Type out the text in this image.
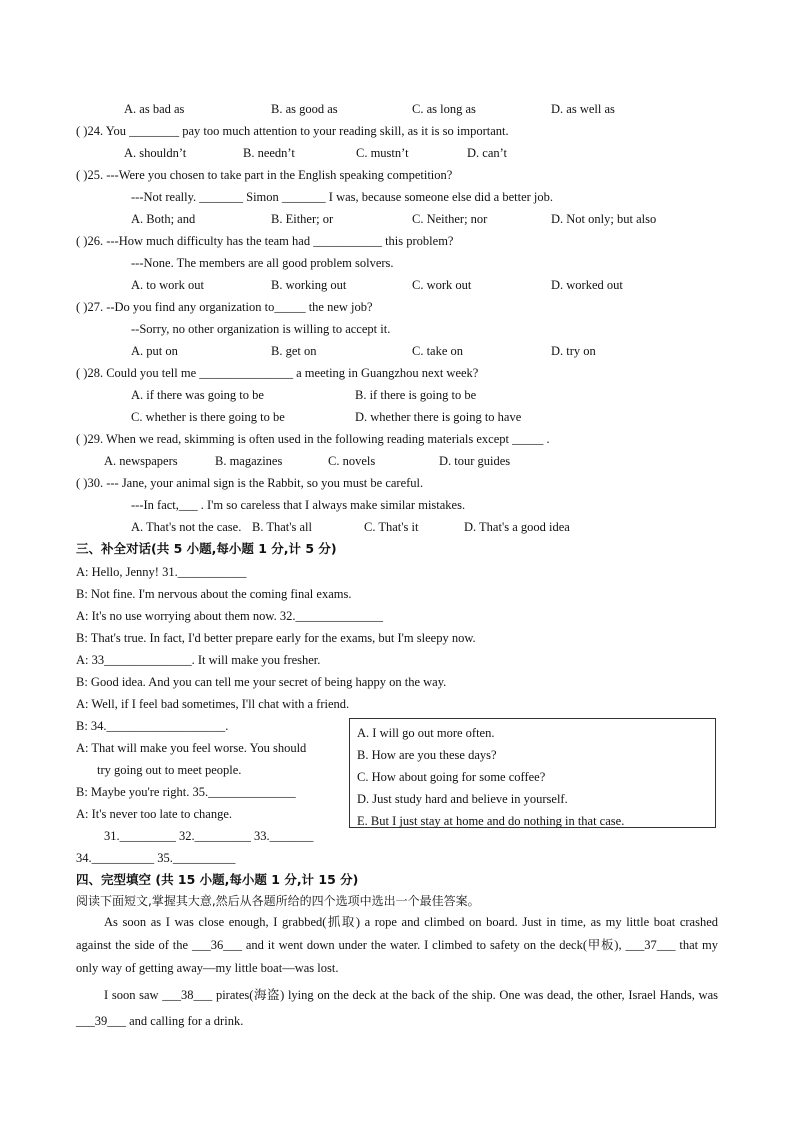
A. as bad as	B. as good as	C. as long as	D. as well as
( )24. You ________ pay too much attention to your reading skill, as it is so important.
A. shouldn’t	B. needn’t	C. mustn’t	D. can’t
( )25. ---Were you chosen to take part in the English speaking competition?
---Not really. _______ Simon _______ I was, because someone else did a better job.
A. Both; and	B. Either; or	C. Neither; nor	D. Not only; but also
( )26. ---How much difficulty has the team had ___________ this problem?
---None. The members are all good problem solvers.
A. to work out	B. working out	C. work out	D. worked out
( )27. --Do you find any organization to_____ the new job?
--Sorry, no other organization is willing to accept it.
A. put on	B. get on	C. take on	D. try on
( )28. Could you tell me _______________ a meeting in Guangzhou next week?
A. if there was going to be	B. if there is going to be
C. whether is there going to be	D. whether there is going to have
( )29. When we read, skimming is often used in the following reading materials except _____ .
A. newspapers	B. magazines	C. novels	D. tour guides
( )30. --- Jane, your animal sign is the Rabbit, so you must be careful.
---In fact,___ . I'm so careless that I always make similar mistakes.
A. That's not the case. B. That's all	C. That's it	D. That's a good idea
三、补全对话(共 5 小题,每小题 1 分,计 5 分)
A: Hello, Jenny! 31.___________
B: Not fine. I'm nervous about the coming final exams.
A: It's no use worrying about them now. 32.______________
B: That's true. In fact, I'd better prepare early for the exams, but I'm sleepy now.
A: 33______________. It will make you fresher.
B: Good idea. And you can tell me your secret of being happy on the way.
A: Well, if I feel bad sometimes, I'll chat with a friend.
B: 34.___________________.
A: That will make you feel worse. You should
try going out to meet people.
B: Maybe you're right. 35.______________
A: It's never too late to change.
31._________ 32._________ 33._______
34.__________ 35.__________
A. I will go out more often.
B. How are you these days?
C. How about going for some coffee?
D. Just study hard and believe in yourself.
E. But I just stay at home and do nothing in that case.
四、完型填空 (共 15 小题,每小题 1 分,计 15 分)
阅读下面短文,掌握其大意,然后从各题所给的四个选项中选出一个最佳答案。
As soon as I was close enough, I grabbed(抓取) a rope and climbed on board. Just in time, as my little boat crashed against the side of the ___36___ and it went down under the water. I climbed to safety on the deck(甲板), ___37___ that my only way of getting away—my little boat—was lost.
I soon saw ___38___ pirates(海盗) lying on the deck at the back of the ship. One was dead, the other, Israel Hands, was ___39___ and calling for a drink.
